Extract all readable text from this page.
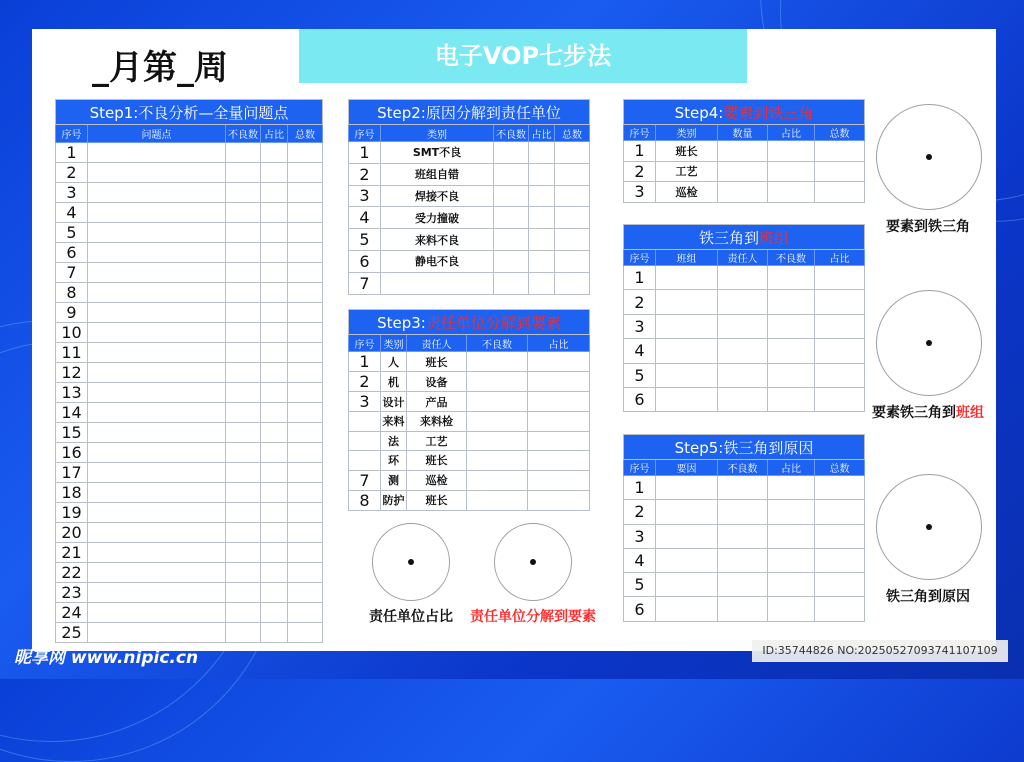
电子VOP七步法
_月第_周
Step1:不良分析—全量问题点				
序号	问题点	不良数	占比	总数
1				
2				
3				
4				
5				
6				
7				
8				
9				
10				
11				
12				
13				
14				
15				
16				
17				
18				
19				
20				
21				
22				
23				
24				
25				
Step2:原因分解到责任单位				
序号	类别	不良数	占比	总数
1	SMT不良			
2	班组自错			
3	焊接不良			
4	受力撞破			
5	来料不良			
6	静电不良			
7				
Step3:责任单位分解到要素				
序号	类别	责任人	不良数	占比
1	人	班长		
2	机	设备		
3	设计	产品		
	来料	来料检		
	法	工艺		
	环	班长		
7	测	巡检		
8	防护	班长		
Step4:要素到铁三角				
序号	类别	数量	占比	总数
1	班长			
2	工艺			
3	巡检			
铁三角到班组				
序号	班组	责任人	不良数	占比
1				
2				
3				
4				
5				
6				
Step5:铁三角到原因				
序号	要因	不良数	占比	总数
1				
2				
3				
4				
5				
6				
责任单位占比	责任单位分解到要素
要素到铁三角
要素铁三角到班组
铁三角到原因
昵享网 www.nipic.cn	ID:35744826 NO:20250527093741107109
